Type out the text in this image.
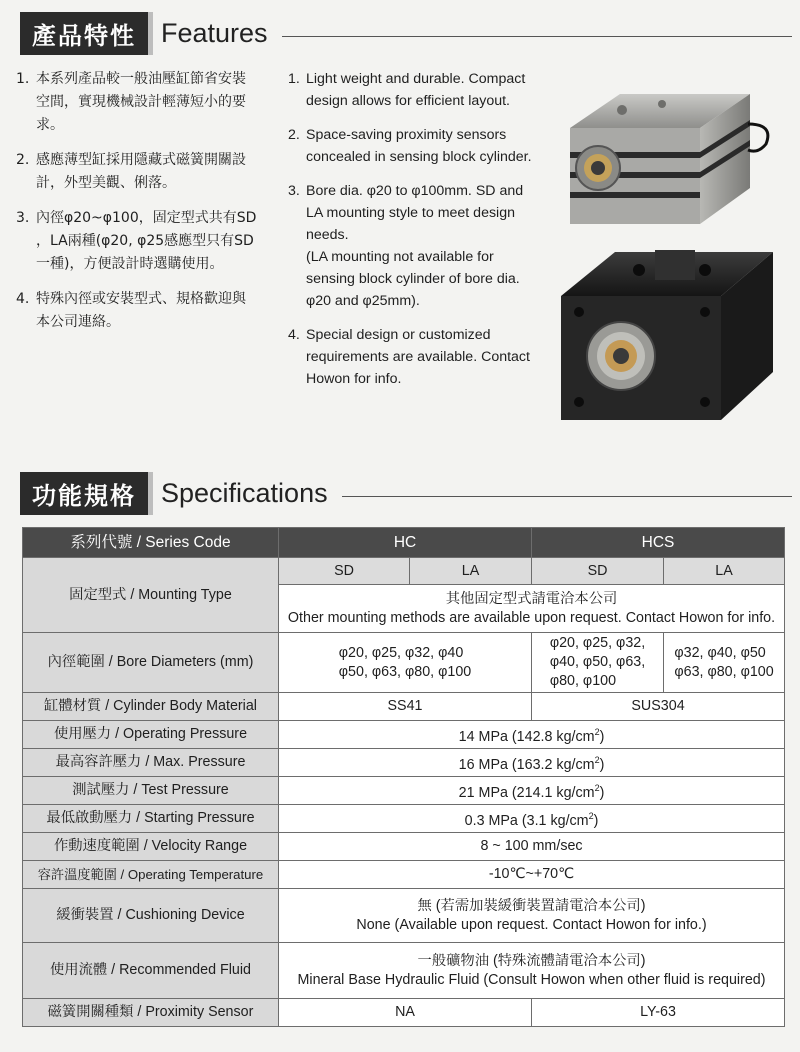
產品特性 Features
1. 本系列產品較一般油壓缸節省安裝
空間，實現機械設計輕薄短小的要
求。
2. 感應薄型缸採用隱藏式磁簧開關設
計，外型美觀、俐落。
3. 內徑φ20~φ100，固定型式共有SD
，LA兩種(φ20, φ25感應型只有SD
一種)，方便設計時選購使用。
4. 特殊內徑或安裝型式、規格歡迎與
本公司連絡。
1. Light weight and durable. Compact
design allows for efficient layout.
2. Space-saving proximity sensors
concealed in sensing block cylinder.
3. Bore dia. φ20 to φ100mm. SD and
LA mounting style to meet design
needs.
(LA mounting not available for
sensing block cylinder of bore dia.
φ20 and φ25mm).
4. Special design or customized
requirements are available. Contact
Howon for info.
功能規格 Specifications
系列代號 / Series Code	HC		HCS	
固定型式 / Mounting Type	SD	LA	SD	LA

	其他固定型式請電洽本公司
Other mounting methods are available upon request. Contact Howon for info.			

內徑範圍 / Bore Diameters (mm)	φ20, φ25, φ32, φ40
φ50, φ63, φ80, φ100		φ20, φ25, φ32,
φ40, φ50, φ63,
φ80, φ100	φ32, φ40, φ50
φ63, φ80, φ100

缸體材質 / Cylinder Body Material	SS41		SUS304	
使用壓力 / Operating Pressure	14 MPa (142.8 $kg/cm^2$)			
最高容許壓力 / Max. Pressure	16 MPa (163.2 $kg/cm^2$)			
測試壓力 / Test Pressure	21 MPa (214.1 $kg/cm^2$)			
最低啟動壓力 / Starting Pressure	0.3 MPa (3.1 $kg/cm^2$)			
作動速度範圍 / Velocity Range	8 ~ 100 mm/sec			
容許溫度範圍 / Operating Temperature	-10℃~+70℃			
緩衝裝置 / Cushioning Device	無 (若需加裝緩衝裝置請電洽本公司)
None (Available upon request. Contact Howon for info.)			

使用流體 / Recommended Fluid	一般礦物油 (特殊流體請電洽本公司)
Mineral Base Hydraulic Fluid (Consult Howon when other fluid is required)			

磁簧開關種類 / Proximity Sensor	NA		LY-63	
